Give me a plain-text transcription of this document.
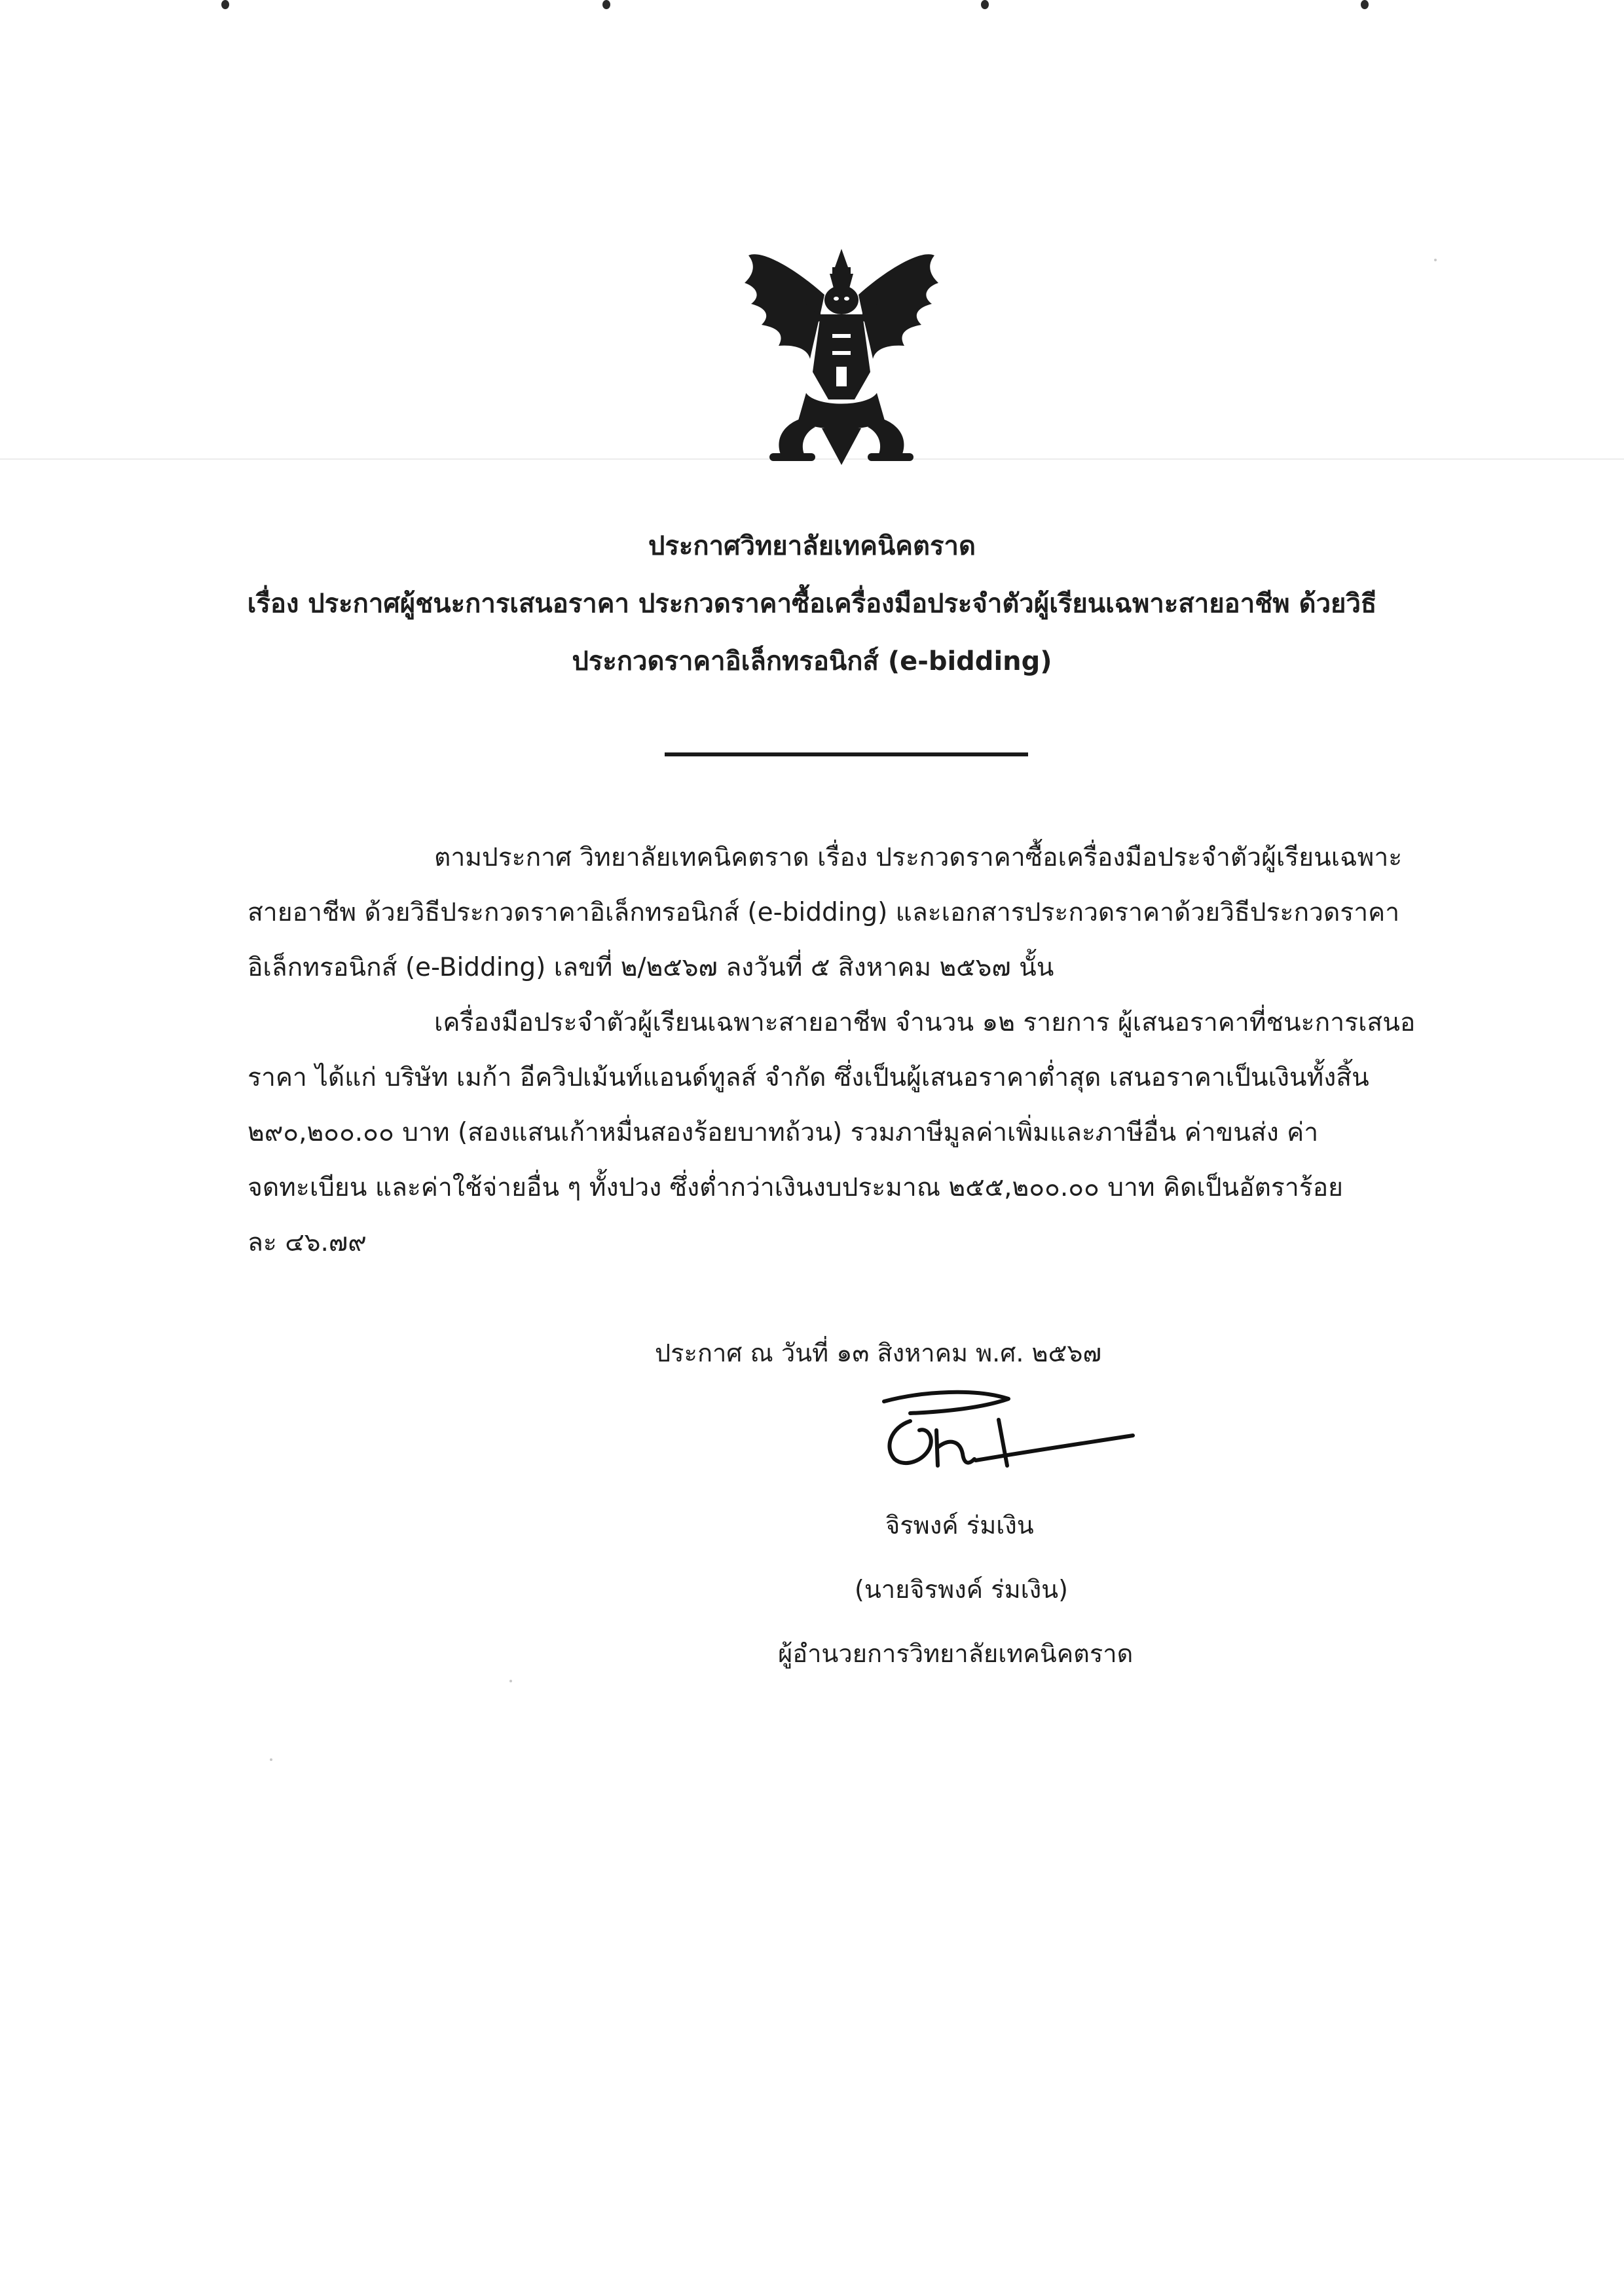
ประกาศวิทยาลัยเทคนิคตราด
เรื่อง ประกาศผู้ชนะการเสนอราคา ประกวดราคาซื้อเครื่องมือประจำตัวผู้เรียนเฉพาะสายอาชีพ ด้วยวิธี
ประกวดราคาอิเล็กทรอนิกส์ (e-bidding)
ตามประกาศ วิทยาลัยเทคนิคตราด เรื่อง ประกวดราคาซื้อเครื่องมือประจำตัวผู้เรียนเฉพาะ
สายอาชีพ ด้วยวิธีประกวดราคาอิเล็กทรอนิกส์ (e-bidding) และเอกสารประกวดราคาด้วยวิธีประกวดราคา
อิเล็กทรอนิกส์ (e-Bidding) เลขที่ ๒/๒๕๖๗ ลงวันที่ ๕ สิงหาคม ๒๕๖๗ นั้น
เครื่องมือประจำตัวผู้เรียนเฉพาะสายอาชีพ จำนวน ๑๒ รายการ ผู้เสนอราคาที่ชนะการเสนอ
ราคา ได้แก่ บริษัท เมก้า อีควิปเม้นท์แอนด์ทูลส์ จำกัด ซึ่งเป็นผู้เสนอราคาต่ำสุด เสนอราคาเป็นเงินทั้งสิ้น
๒๙๐,๒๐๐.๐๐ บาท (สองแสนเก้าหมื่นสองร้อยบาทถ้วน) รวมภาษีมูลค่าเพิ่มและภาษีอื่น ค่าขนส่ง ค่า
จดทะเบียน และค่าใช้จ่ายอื่น ๆ ทั้งปวง ซึ่งต่ำกว่าเงินงบประมาณ ๒๕๕,๒๐๐.๐๐ บาท คิดเป็นอัตราร้อย
ละ ๔๖.๗๙
ประกาศ ณ วันที่ ๑๓ สิงหาคม พ.ศ. ๒๕๖๗
จิรพงค์ ร่มเงิน
(นายจิรพงค์ ร่มเงิน)
ผู้อำนวยการวิทยาลัยเทคนิคตราด
